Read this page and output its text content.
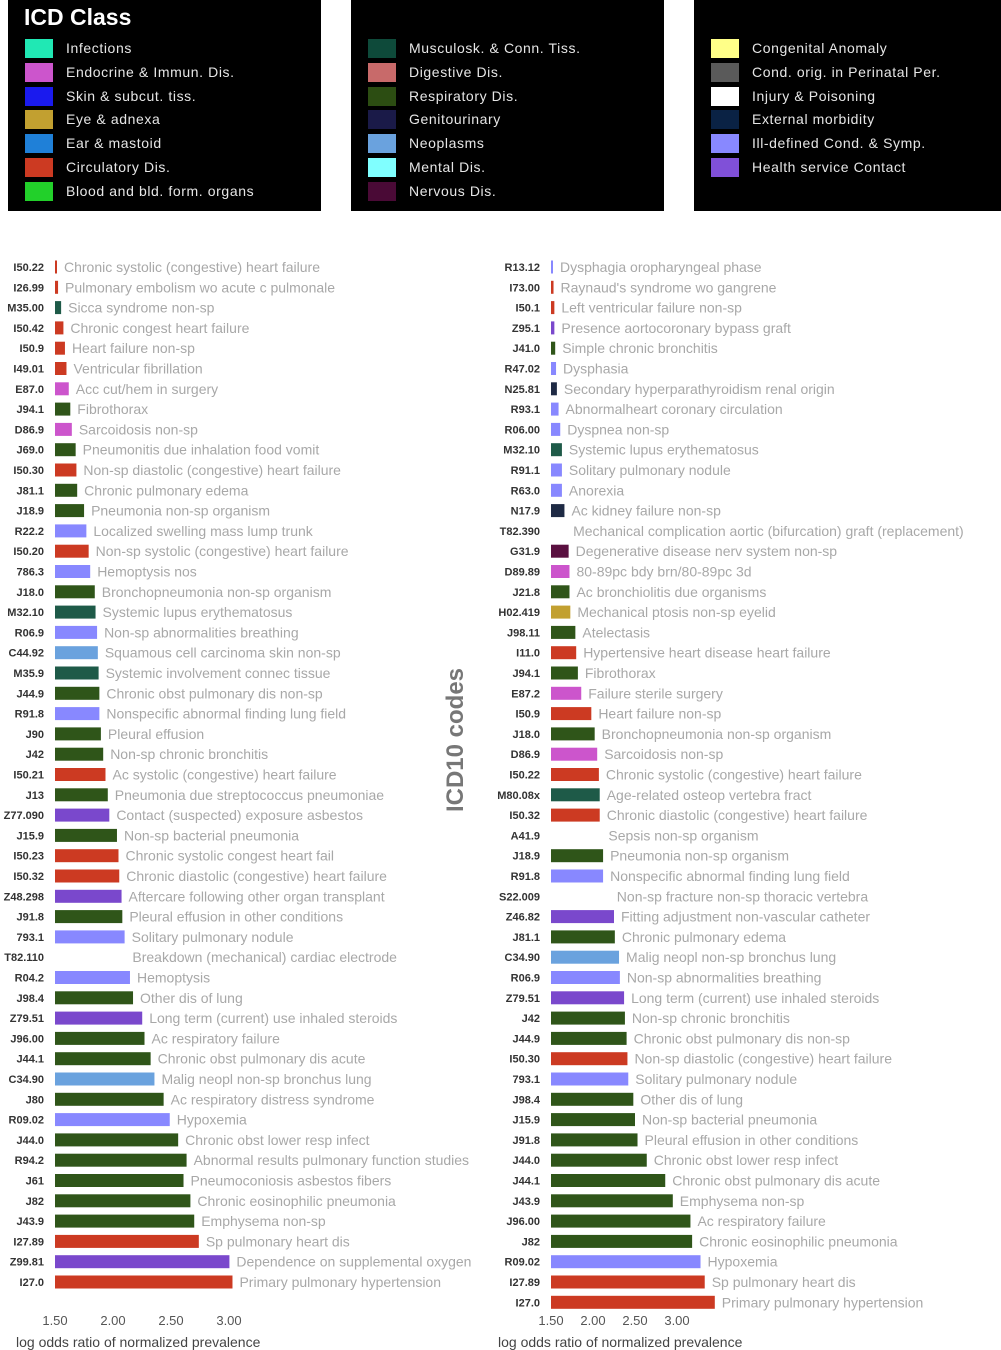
ICD Class
Infections
Endocrine & Immun. Dis.
Skin & subcut. tiss.
Eye & adnexa
Ear & mastoid
Circulatory Dis.
Blood and bld. form. organs
Musculosk. & Conn. Tiss.
Digestive Dis.
Respiratory Dis.
Genitourinary
Neoplasms
Mental Dis.
Nervous Dis.
Congenital Anomaly
Cond. orig. in Perinatal Per.
Injury & Poisoning
External morbidity
Ill-defined Cond. & Symp.
Health service Contact
ICD10 codes
I50.22 Chronic systolic (congestive) heart failure
I26.99 Pulmonary embolism wo acute c pulmonale
M35.00 Sicca syndrome non-sp
I50.42 Chronic congest heart failure
I50.9 Heart failure non-sp
I49.01 Ventricular fibrillation
E87.0 Acc cut/hem in surgery
J94.1 Fibrothorax
D86.9 Sarcoidosis non-sp
J69.0	Pneumonitis due inhalation food vomit
I50.30	Non-sp diastolic (congestive) heart failure
J81.1	Chronic pulmonary edema
J18.9	Pneumonia non-sp organism
R22.2	Localized swelling mass lump trunk
I50.20	Non-sp systolic (congestive) heart failure
786.3	Hemoptysis nos
J18.0	Bronchopneumonia non-sp organism
M32.10	Systemic lupus erythematosus
R06.9	Non-sp abnormalities breathing
C44.92	Squamous cell carcinoma skin non-sp
M35.9	Systemic involvement connec tissue
J44.9	Chronic obst pulmonary dis non-sp
R91.8	Nonspecific abnormal finding lung field
J90	Pleural effusion
J42	Non-sp chronic bronchitis
I50.21	Ac systolic (congestive) heart failure
J13	Pneumonia due streptococcus pneumoniae
Z77.090	Contact (suspected) exposure asbestos
J15.9	Non-sp bacterial pneumonia
I50.23	Chronic systolic congest heart fail
I50.32	Chronic diastolic (congestive) heart failure
Z48.298	Aftercare following other organ transplant
J91.8	Pleural effusion in other conditions
793.1	Solitary pulmonary nodule
T82.110	Breakdown (mechanical) cardiac electrode
R04.2	Hemoptysis
J98.4	Other dis of lung
Z79.51	Long term (current) use inhaled steroids
J96.00	Ac respiratory failure
J44.1	Chronic obst pulmonary dis acute
C34.90	Malig neopl non-sp bronchus lung
J80	Ac respiratory distress syndrome
R09.02	Hypoxemia
J44.0	Chronic obst lower resp infect
R94.2	Abnormal results pulmonary function studies
J61	Pneumoconiosis asbestos fibers
J82	Chronic eosinophilic pneumonia
J43.9	Emphysema non-sp
I27.89	Sp pulmonary heart dis
Z99.81	Dependence on supplemental oxygen
I27.0	Primary pulmonary hypertension
1.50	2.00	2.50	3.00
log odds ratio of normalized prevalence
R13.12 Dysphagia oropharyngeal phase
I73.00 Raynaud's syndrome wo gangrene
I50.1 Left ventricular failure non-sp
Z95.1 Presence aortocoronary bypass graft
J41.0 Simple chronic bronchitis
R47.02 Dysphasia
N25.81 Secondary hyperparathyroidism renal origin
R93.1 Abnormalheart coronary circulation
R06.00 Dyspnea non-sp
M32.10 Systemic lupus erythematosus
R91.1 Solitary pulmonary nodule
R63.0 Anorexia
N17.9 Ac kidney failure non-sp
T82.390 Mechanical complication aortic (bifurcation) graft (replacement)
G31.9	Degenerative disease nerv system non-sp
D89.89	80-89pc bdy brn/80-89pc 3d
J21.8	Ac bronchiolitis due organisms
H02.419	Mechanical ptosis non-sp eyelid
J98.11	Atelectasis
I11.0	Hypertensive heart disease heart failure
J94.1	Fibrothorax
E87.2	Failure sterile surgery
I50.9	Heart failure non-sp
J18.0	Bronchopneumonia non-sp organism
D86.9	Sarcoidosis non-sp
I50.22	Chronic systolic (congestive) heart failure
M80.08x	Age-related osteop vertebra fract
I50.32	Chronic diastolic (congestive) heart failure
A41.9	Sepsis non-sp organism
J18.9	Pneumonia non-sp organism
R91.8	Nonspecific abnormal finding lung field
S22.009	Non-sp fracture non-sp thoracic vertebra
Z46.82	Fitting adjustment non-vascular catheter
J81.1	Chronic pulmonary edema
C34.90	Malig neopl non-sp bronchus lung
R06.9	Non-sp abnormalities breathing
Z79.51	Long term (current) use inhaled steroids
J42	Non-sp chronic bronchitis
J44.9	Chronic obst pulmonary dis non-sp
I50.30	Non-sp diastolic (congestive) heart failure
793.1	Solitary pulmonary nodule
J98.4	Other dis of lung
J15.9	Non-sp bacterial pneumonia
J91.8	Pleural effusion in other conditions
J44.0	Chronic obst lower resp infect
J44.1	Chronic obst pulmonary dis acute
J43.9	Emphysema non-sp
J96.00	Ac respiratory failure
J82	Chronic eosinophilic pneumonia
R09.02	Hypoxemia
I27.89	Sp pulmonary heart dis
I27.0	Primary pulmonary hypertension
1.50 2.00 2.50 3.00
log odds ratio of normalized prevalence
